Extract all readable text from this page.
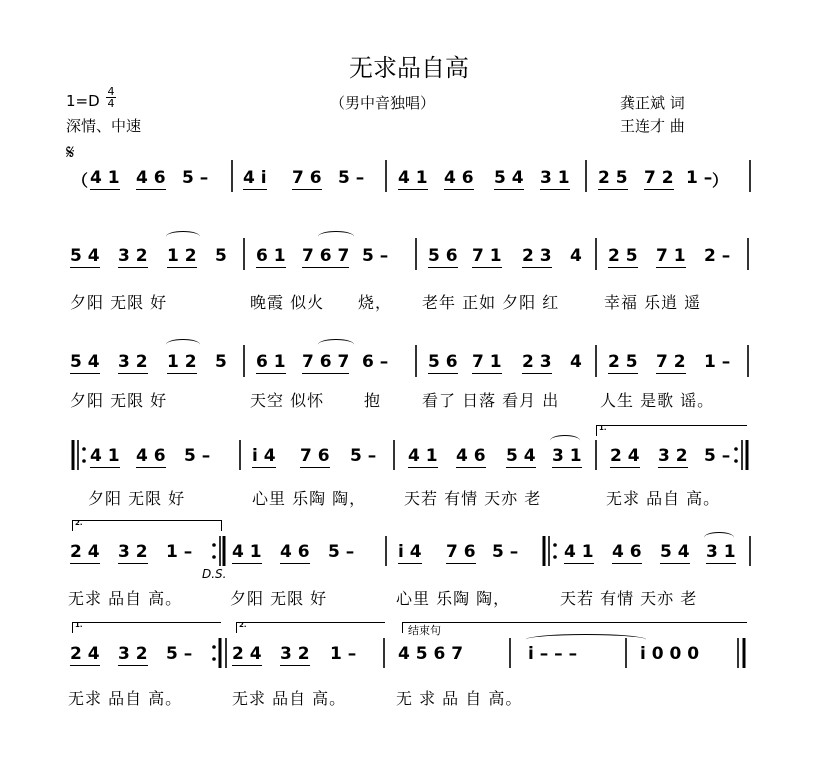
无求品自高
（男中音独唱）
$1=D \frac{4}{4}$
深情、中速
龚正斌 词
王连才 曲
𝄋
4 1 4 6 5 – 4 i 7 6 5 – 4 1 4 6 5 4 3 1 2 5 7 2 1 –
5 4 3 2 1 2 5 6 1 7 6 7 5 – 5 6 7 1 2 3 4 2 5 7 1 2 –
夕阳 无限 好	晚霞 似火 烧， 老年 正如 夕阳 红	幸福 乐逍 遥
5 4 3 2 1 2 5 6 1 7 6 7 6 – 5 6 7 1 2 3 4 2 5 7 2 1 –
夕阳 无限 好	天空 似怀 抱	看了 日落 看月 出	人生 是歌 谣。
4 1 4 6 5 – i 4 7 6 5 – 4 1 4 6 5 4 3 1 2 4 3 2 5 –
夕阳 无限 好	心里 乐陶 陶， 天若 有情 天亦 老	无求 品自 高。
2 4 3 2 1 – 4 1 4 6 5 –	i 4 7 6 5 –	4 1 4 6 5 4 3 1
无求 品自 高。	夕阳 无限 好	心里 乐陶 陶，	天若 有情 天亦 老
2 4 3 2 5 – 2 4 3 2 1 – 4 5 6 7	i – – –	i 0 0 0
无求 品自 高。	无求 品自 高。	无 求 品 自 高。
（	）
1.
2.
1.	2.	结束句
D.S.
